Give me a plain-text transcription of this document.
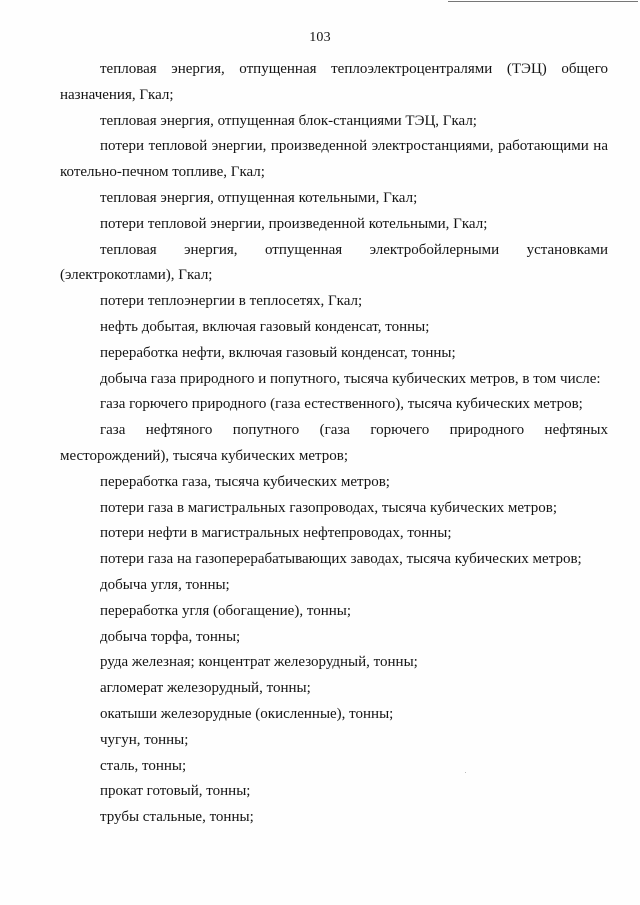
103

тепловая энергия, отпущенная теплоэлектроцентралями (ТЭЦ) общего
назначения, Гкал;

тепловая энергия, отпущенная блок-станциями ТЭЦ, Гкал;

потери тепловой энергии, произведенной электростанциями, работающими на
котельно-печном топливе, Гкал;

тепловая энергия, отпущенная котельными, Гкал;

потери тепловой энергии, произведенной котельными, Гкал;

тепловая энергия, отпущенная электробойлерными установками
(электрокотлами), Гкал;

потери теплоэнергии в теплосетях, Гкал;

нефть добытая, включая газовый конденсат, тонны;

переработка нефти, включая газовый конденсат, тонны;

добыча газа природного и попутного, тысяча кубических метров, в том числе:

газа горючего природного (газа естественного), тысяча кубических метров;

газа нефтяного попутного (газа горючего природного нефтяных
месторождений), тысяча кубических метров;

переработка газа, тысяча кубических метров;

потери газа в магистральных газопроводах, тысяча кубических метров;

потери нефти в магистральных нефтепроводах, тонны;

потери газа на газоперерабатывающих заводах, тысяча кубических метров;

добыча угля, тонны;

переработка угля (обогащение), тонны;

добыча торфа, тонны;

руда железная; концентрат железорудный, тонны;

агломерат железорудный, тонны;

окатыши железорудные (окисленные), тонны;

чугун, тонны;

сталь, тонны;

прокат готовый, тонны;

трубы стальные, тонны;
